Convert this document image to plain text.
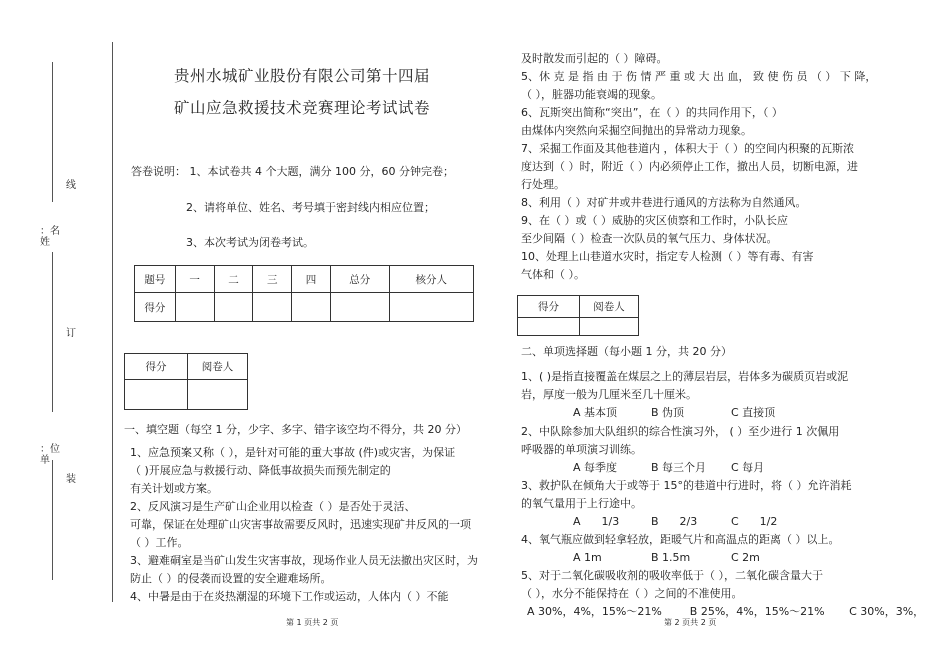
线
：名
姓
订
：位
单
装
贵州水城矿业股份有限公司第十四届
矿山应急救援技术竞赛理论考试试卷
答卷说明： 1、本试卷共 4 个大题，满分 100 分，60 分钟完卷；
2、请将单位、姓名、考号填于密封线内相应位置；
3、本次考试为闭卷考试。
题号	一	二	三	四	总分	核分人
得分						
得分	阅卷人

一、填空题（每空 1 分，少字、多字、错字该空均不得分，共 20 分）
1、应急预案又称（ ），是针对可能的重大事故 (件)或灾害，为保证
（ )开展应急与救援行动、降低事故损失而预先制定的
有关计划或方案。
2、反风演习是生产矿山企业用以检查（ ）是否处于灵活、
可靠，保证在处理矿山灾害事故需要反风时，迅速实现矿井反风的一项
（ ）工作。
3、避难硐室是当矿山发生灾害事故，现场作业人员无法撤出灾区时，为
防止（ ）的侵袭而设置的安全避难场所。
4、中暑是由于在炎热潮湿的环境下工作或运动，人体内（ ）不能
第 1 页共 2 页
及时散发而引起的（ ）障碍。
5、休 克 是 指 由 于 伤 情 严 重 或 大 出 血， 致 使 伤 员 （ ） 下 降，
（ ），脏器功能衰竭的现象。
6、瓦斯突出简称“突出”，在（ ）的共同作用下，（ ）
由煤体内突然向采掘空间抛出的异常动力现象。
7、采掘工作面及其他巷道内 ，体积大于（ ）的空间内积聚的瓦斯浓
度达到（ ）时，附近（ ）内必须停止工作，撤出人员，切断电源，进
行处理。
8、利用（ ）对矿井或井巷进行通风的方法称为自然通风。
9、在（ ）或（ ）威胁的灾区侦察和工作时，小队长应
至少间隔（ ）检查一次队员的氧气压力、身体状况。
10、处理上山巷道水灾时，指定专人检测（ ）等有毒、有害
气体和（ ）。
得分	阅卷人

二、单项选择题（每小题 1 分，共 20 分）
1、( )是指直接覆盖在煤层之上的薄层岩层，岩体多为碳质页岩或泥
岩，厚度一般为几厘米至几十厘米。
A 基本顶	B 伪顶	C 直接顶
2、中队除参加大队组织的综合性演习外， ( ）至少进行 1 次佩用
呼吸器的单项演习训练。
A 每季度	B 每三个月 C 每月
3、救护队在倾角大于或等于 15°的巷道中行进时，将（ ）允许消耗
的氧气量用于上行途中。
A      1/3	B      2/3	C      1/2
4、氧气瓶应做到轻拿轻放，距暖气片和高温点的距离（ ）以上。
A 1m	B 1.5m	C 2m
5、对于二氧化碳吸收剂的吸收率低于（ ），二氧化碳含量大于
（ ），水分不能保持在（ ）之间的不准使用。
A 30%，4%，15%～21%        B 25%，4%，15%～21%       C 30%，3%，
第 2 页共 2 页
